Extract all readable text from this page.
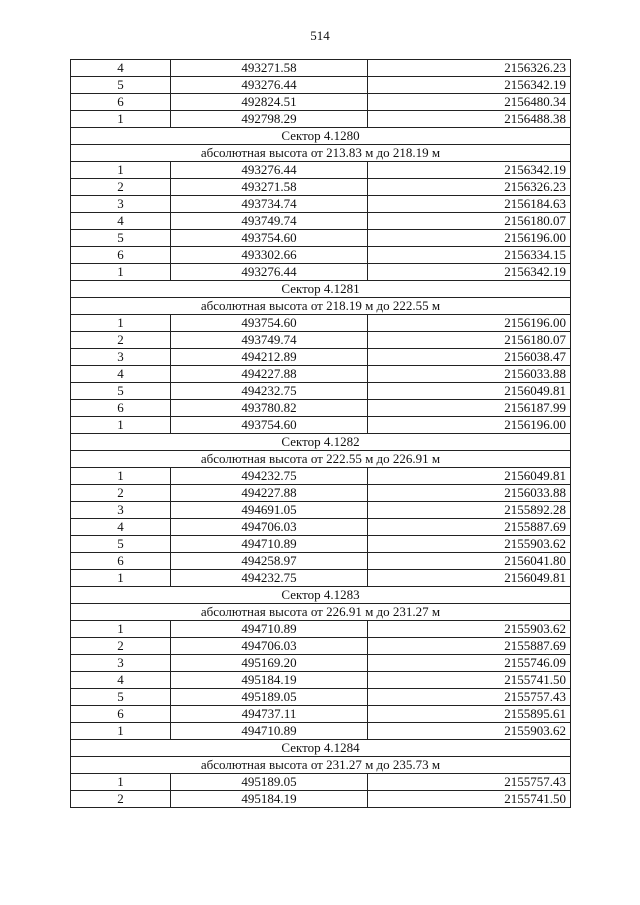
514
4	493271.58	2156326.23
5	493276.44	2156342.19
6	492824.51	2156480.34
1	492798.29	2156488.38
Сектор 4.1280		
абсолютная высота от 213.83 м до 218.19 м		
1	493276.44	2156342.19
2	493271.58	2156326.23
3	493734.74	2156184.63
4	493749.74	2156180.07
5	493754.60	2156196.00
6	493302.66	2156334.15
1	493276.44	2156342.19
Сектор 4.1281		
абсолютная высота от 218.19 м до 222.55 м		
1	493754.60	2156196.00
2	493749.74	2156180.07
3	494212.89	2156038.47
4	494227.88	2156033.88
5	494232.75	2156049.81
6	493780.82	2156187.99
1	493754.60	2156196.00
Сектор 4.1282		
абсолютная высота от 222.55 м до 226.91 м		
1	494232.75	2156049.81
2	494227.88	2156033.88
3	494691.05	2155892.28
4	494706.03	2155887.69
5	494710.89	2155903.62
6	494258.97	2156041.80
1	494232.75	2156049.81
Сектор 4.1283		
абсолютная высота от 226.91 м до 231.27 м		
1	494710.89	2155903.62
2	494706.03	2155887.69
3	495169.20	2155746.09
4	495184.19	2155741.50
5	495189.05	2155757.43
6	494737.11	2155895.61
1	494710.89	2155903.62
Сектор 4.1284		
абсолютная высота от 231.27 м до 235.73 м		
1	495189.05	2155757.43
2	495184.19	2155741.50
